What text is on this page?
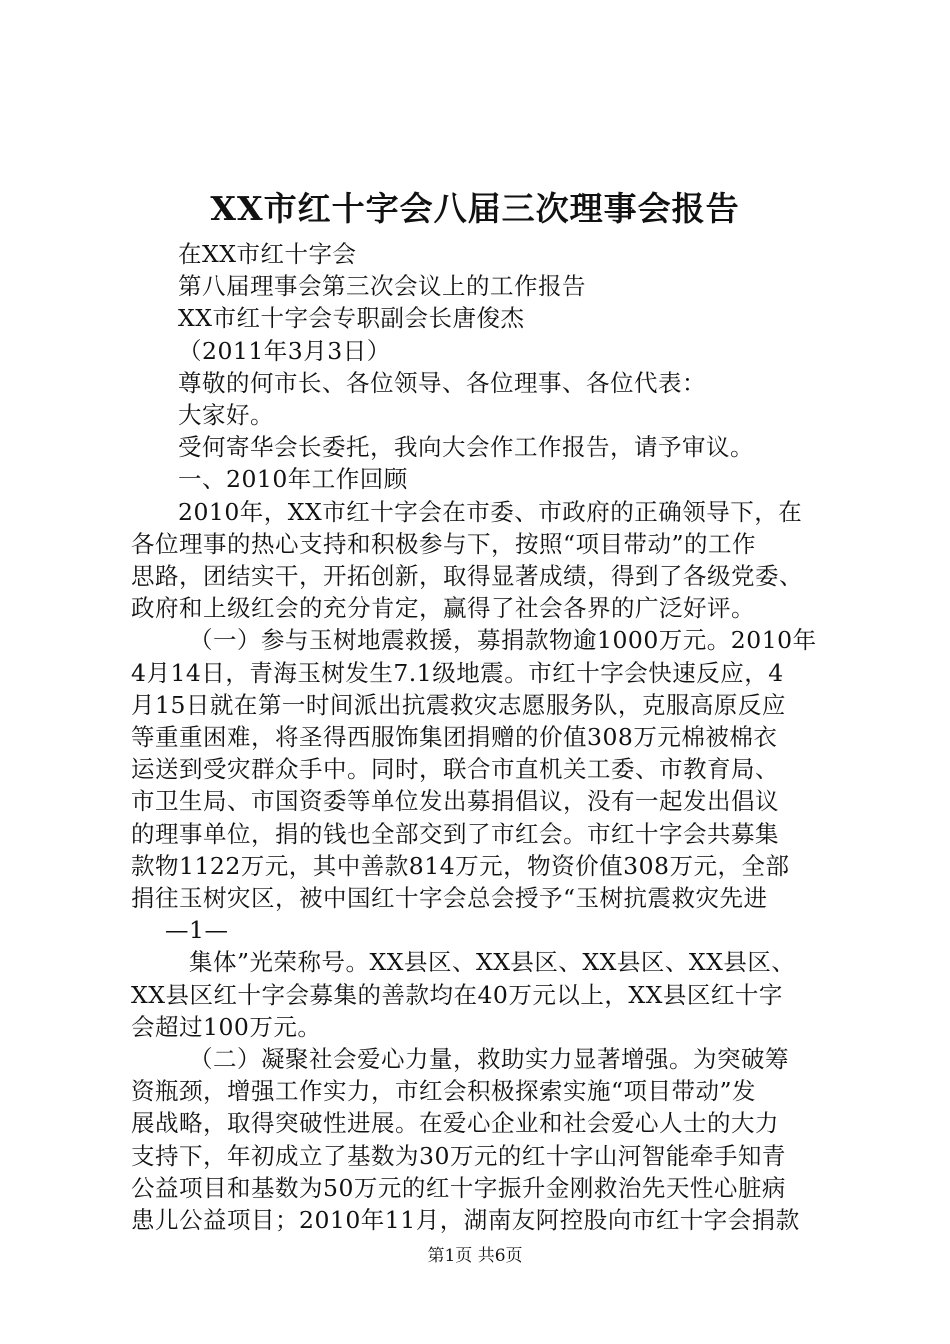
XX市红十字会八届三次理事会报告

在XX市红十字会

第八届理事会第三次会议上的工作报告

XX市红十字会专职副会长唐俊杰

（2011年3月3日）

尊敬的何市长、各位领导、各位理事、各位代表：

大家好。

受何寄华会长委托，我向大会作工作报告，请予审议。

一、2010年工作回顾

2010年，XX市红十字会在市委、市政府的正确领导下，在

各位理事的热心支持和积极参与下，按照“项目带动”的工作

思路，团结实干，开拓创新，取得显著成绩，得到了各级党委、

政府和上级红会的充分肯定，赢得了社会各界的广泛好评。

（一）参与玉树地震救援，募捐款物逾1000万元。2010年

4月14日，青海玉树发生7.1级地震。市红十字会快速反应，4

月15日就在第一时间派出抗震救灾志愿服务队，克服高原反应

等重重困难，将圣得西服饰集团捐赠的价值308万元棉被棉衣

运送到受灾群众手中。同时，联合市直机关工委、市教育局、

市卫生局、市国资委等单位发出募捐倡议，没有一起发出倡议

的理事单位，捐的钱也全部交到了市红会。市红十字会共募集

款物1122万元，其中善款814万元，物资价值308万元，全部

捐往玉树灾区，被中国红十字会总会授予“玉树抗震救灾先进

—1—

集体”光荣称号。XX县区、XX县区、XX县区、XX县区、

XX县区红十字会募集的善款均在40万元以上，XX县区红十字

会超过100万元。

（二）凝聚社会爱心力量，救助实力显著增强。为突破筹

资瓶颈，增强工作实力，市红会积极探索实施“项目带动”发

展战略，取得突破性进展。在爱心企业和社会爱心人士的大力

支持下，年初成立了基数为30万元的红十字山河智能牵手知青

公益项目和基数为50万元的红十字振升金刚救治先天性心脏病

患儿公益项目；2010年11月，湖南友阿控股向市红十字会捐款

第1页 共6页
